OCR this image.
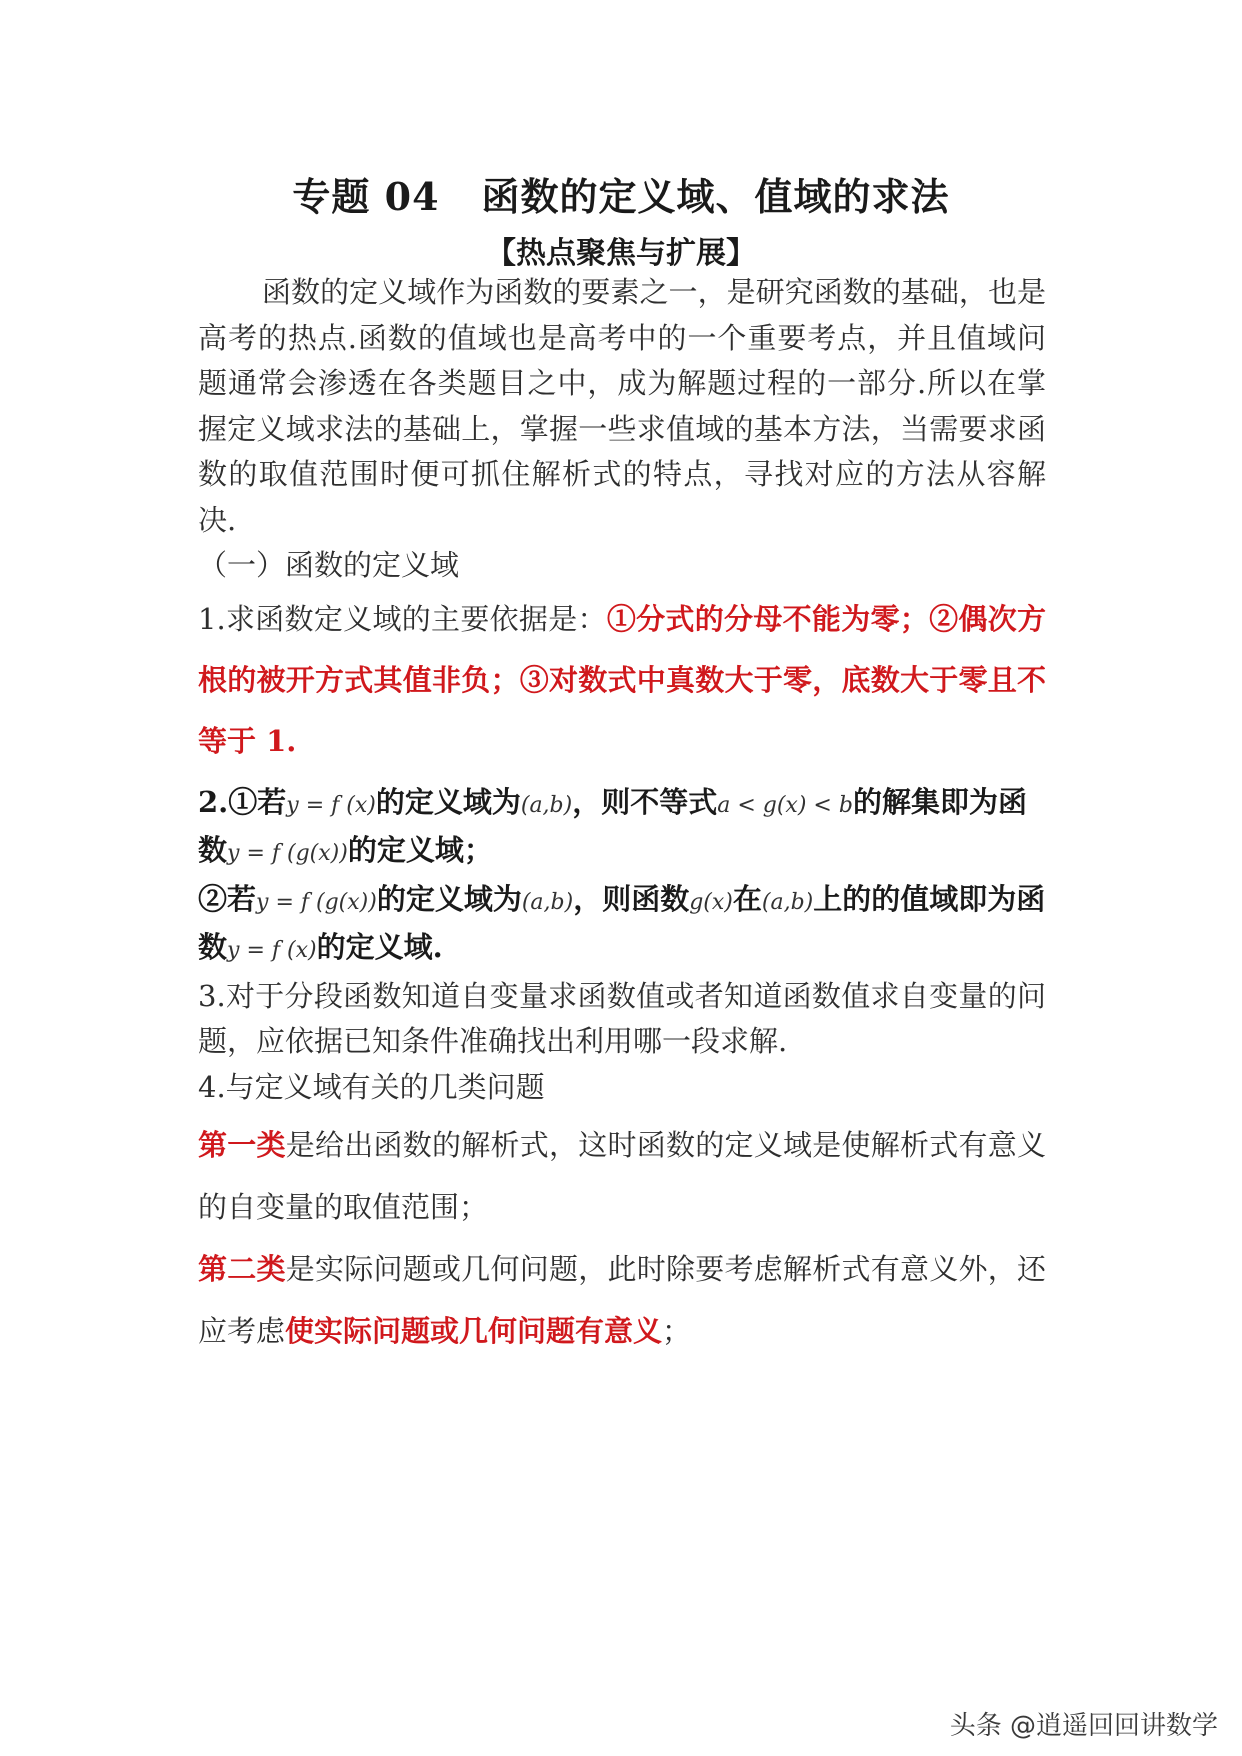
专题 04 函数的定义域、值域的求法
【热点聚焦与扩展】

函数的定义域作为函数的要素之一，是研究函数的基础，也是高考的热点.函数的值域也是高考中的一个重要考点，并且值域问题通常会渗透在各类题目之中，成为解题过程的一部分.所以在掌握定义域求法的基础上，掌握一些求值域的基本方法，当需要求函数的取值范围时便可抓住解析式的特点，寻找对应的方法从容解决.

（一）函数的定义域

1.求函数定义域的主要依据是：①分式的分母不能为零；②偶次方根的被开方式其值非负；③对数式中真数大于零，底数大于零且不等于 1.

2.①若y = f (x)的定义域为(a,b)，则不等式a < g(x) < b的解集即为函数y = f (g(x))的定义域；

②若y = f (g(x))的定义域为(a,b)，则函数g(x)在(a,b)上的的值域即为函数y = f (x)的定义域.

3.对于分段函数知道自变量求函数值或者知道函数值求自变量的问题，应依据已知条件准确找出利用哪一段求解.

4.与定义域有关的几类问题

第一类是给出函数的解析式，这时函数的定义域是使解析式有意义的自变量的取值范围；

第二类是实际问题或几何问题，此时除要考虑解析式有意义外，还应考虑使实际问题或几何问题有意义；

头条 @逍遥回回讲数学
